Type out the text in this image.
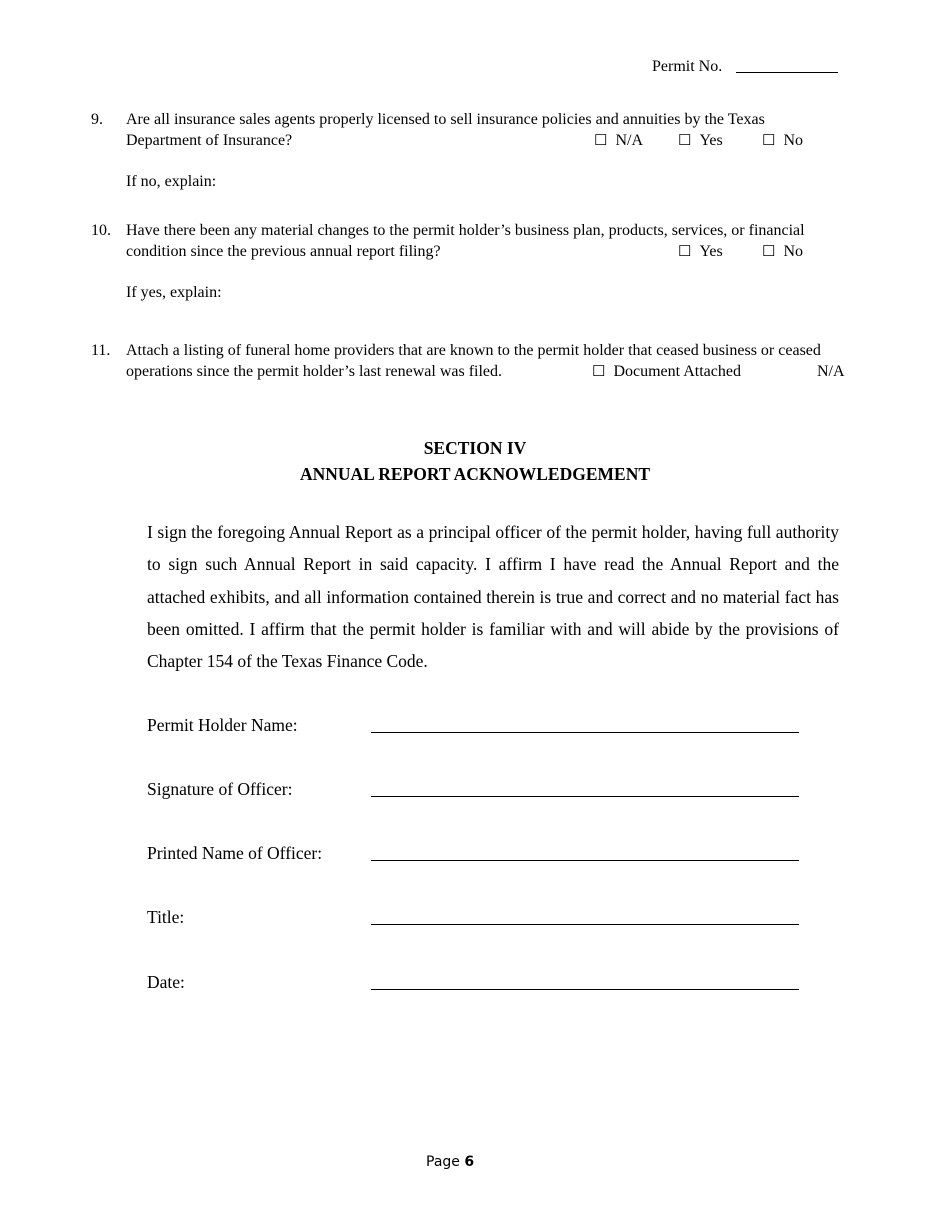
Permit No.
9. Are all insurance sales agents properly licensed to sell insurance policies and annuities by the Texas
Department of Insurance?	☐ N/A ☐ Yes	☐ No
If no, explain:
10. Have there been any material changes to the permit holder’s business plan, products, services, or financial
condition since the previous annual report filing?	☐ Yes	☐ No
If yes, explain:
11. Attach a listing of funeral home providers that are known to the permit holder that ceased business or ceased
operations since the permit holder’s last renewal was filed.	☐ Document Attached	N/A
SECTION IV
ANNUAL REPORT ACKNOWLEDGEMENT
I sign the foregoing Annual Report as a principal officer of the permit holder, having full authority to sign such Annual Report in said capacity. I affirm I have read the Annual Report and the attached exhibits, and all information contained therein is true and correct and no material fact has been omitted. I affirm that the permit holder is familiar with and will abide by the provisions of Chapter 154 of the Texas Finance Code.
Permit Holder Name:
Signature of Officer:
Printed Name of Officer:
Title:
Date:
Page 6
